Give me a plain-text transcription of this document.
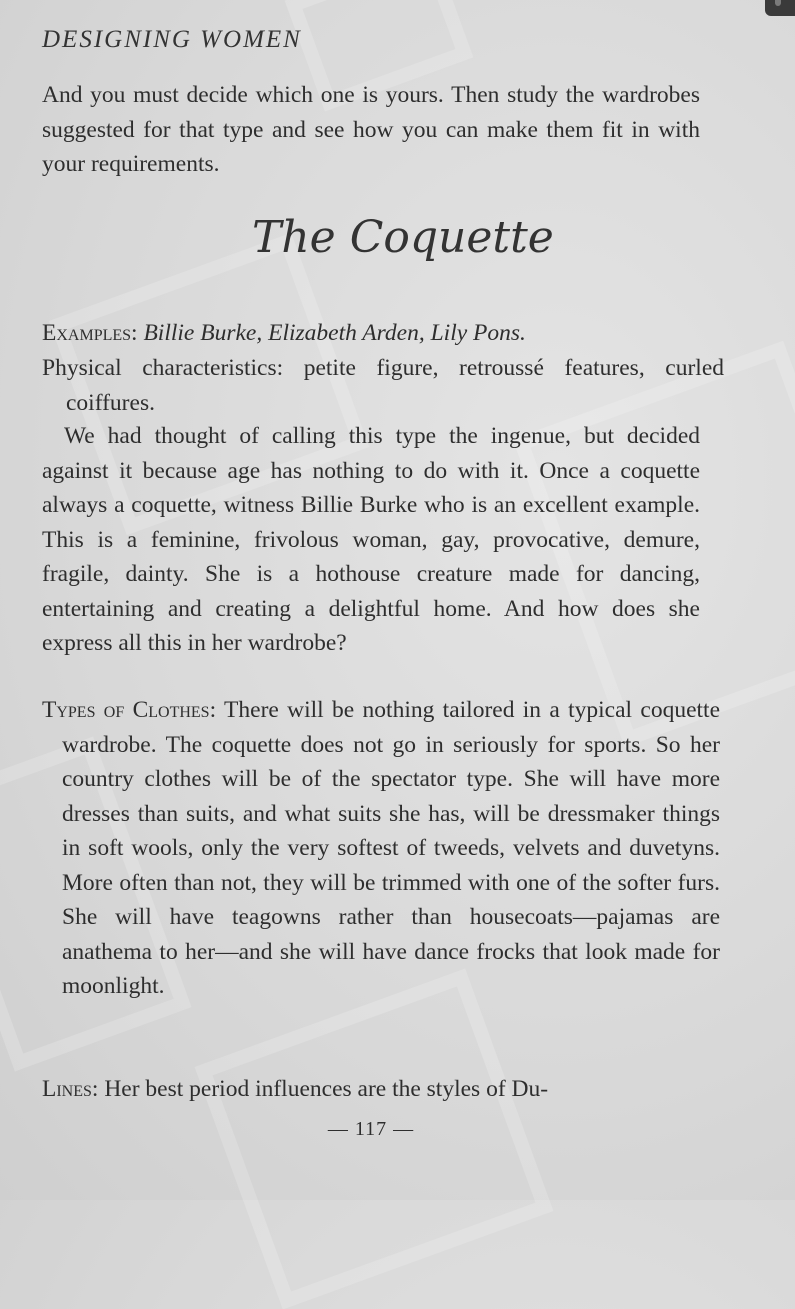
DESIGNING WOMEN
And you must decide which one is yours. Then study the wardrobes suggested for that type and see how you can make them fit in with your requirements.
The Coquette
Examples: Billie Burke, Elizabeth Arden, Lily Pons.
Physical characteristics: petite figure, retroussé features, curled coiffures.
We had thought of calling this type the ingenue, but decided against it because age has nothing to do with it. Once a coquette always a coquette, witness Billie Burke who is an excellent example. This is a feminine, frivolous woman, gay, provocative, demure, fragile, dainty. She is a hothouse creature made for dancing, entertaining and creating a delightful home. And how does she express all this in her wardrobe?
Types of Clothes: There will be nothing tailored in a typical coquette wardrobe. The coquette does not go in seriously for sports. So her country clothes will be of the spectator type. She will have more dresses than suits, and what suits she has, will be dressmaker things in soft wools, only the very softest of tweeds, velvets and duvetyns. More often than not, they will be trimmed with one of the softer furs. She will have teagowns rather than housecoats—pajamas are anathema to her—and she will have dance frocks that look made for moonlight.
Lines: Her best period influences are the styles of Du-
— 117 —
